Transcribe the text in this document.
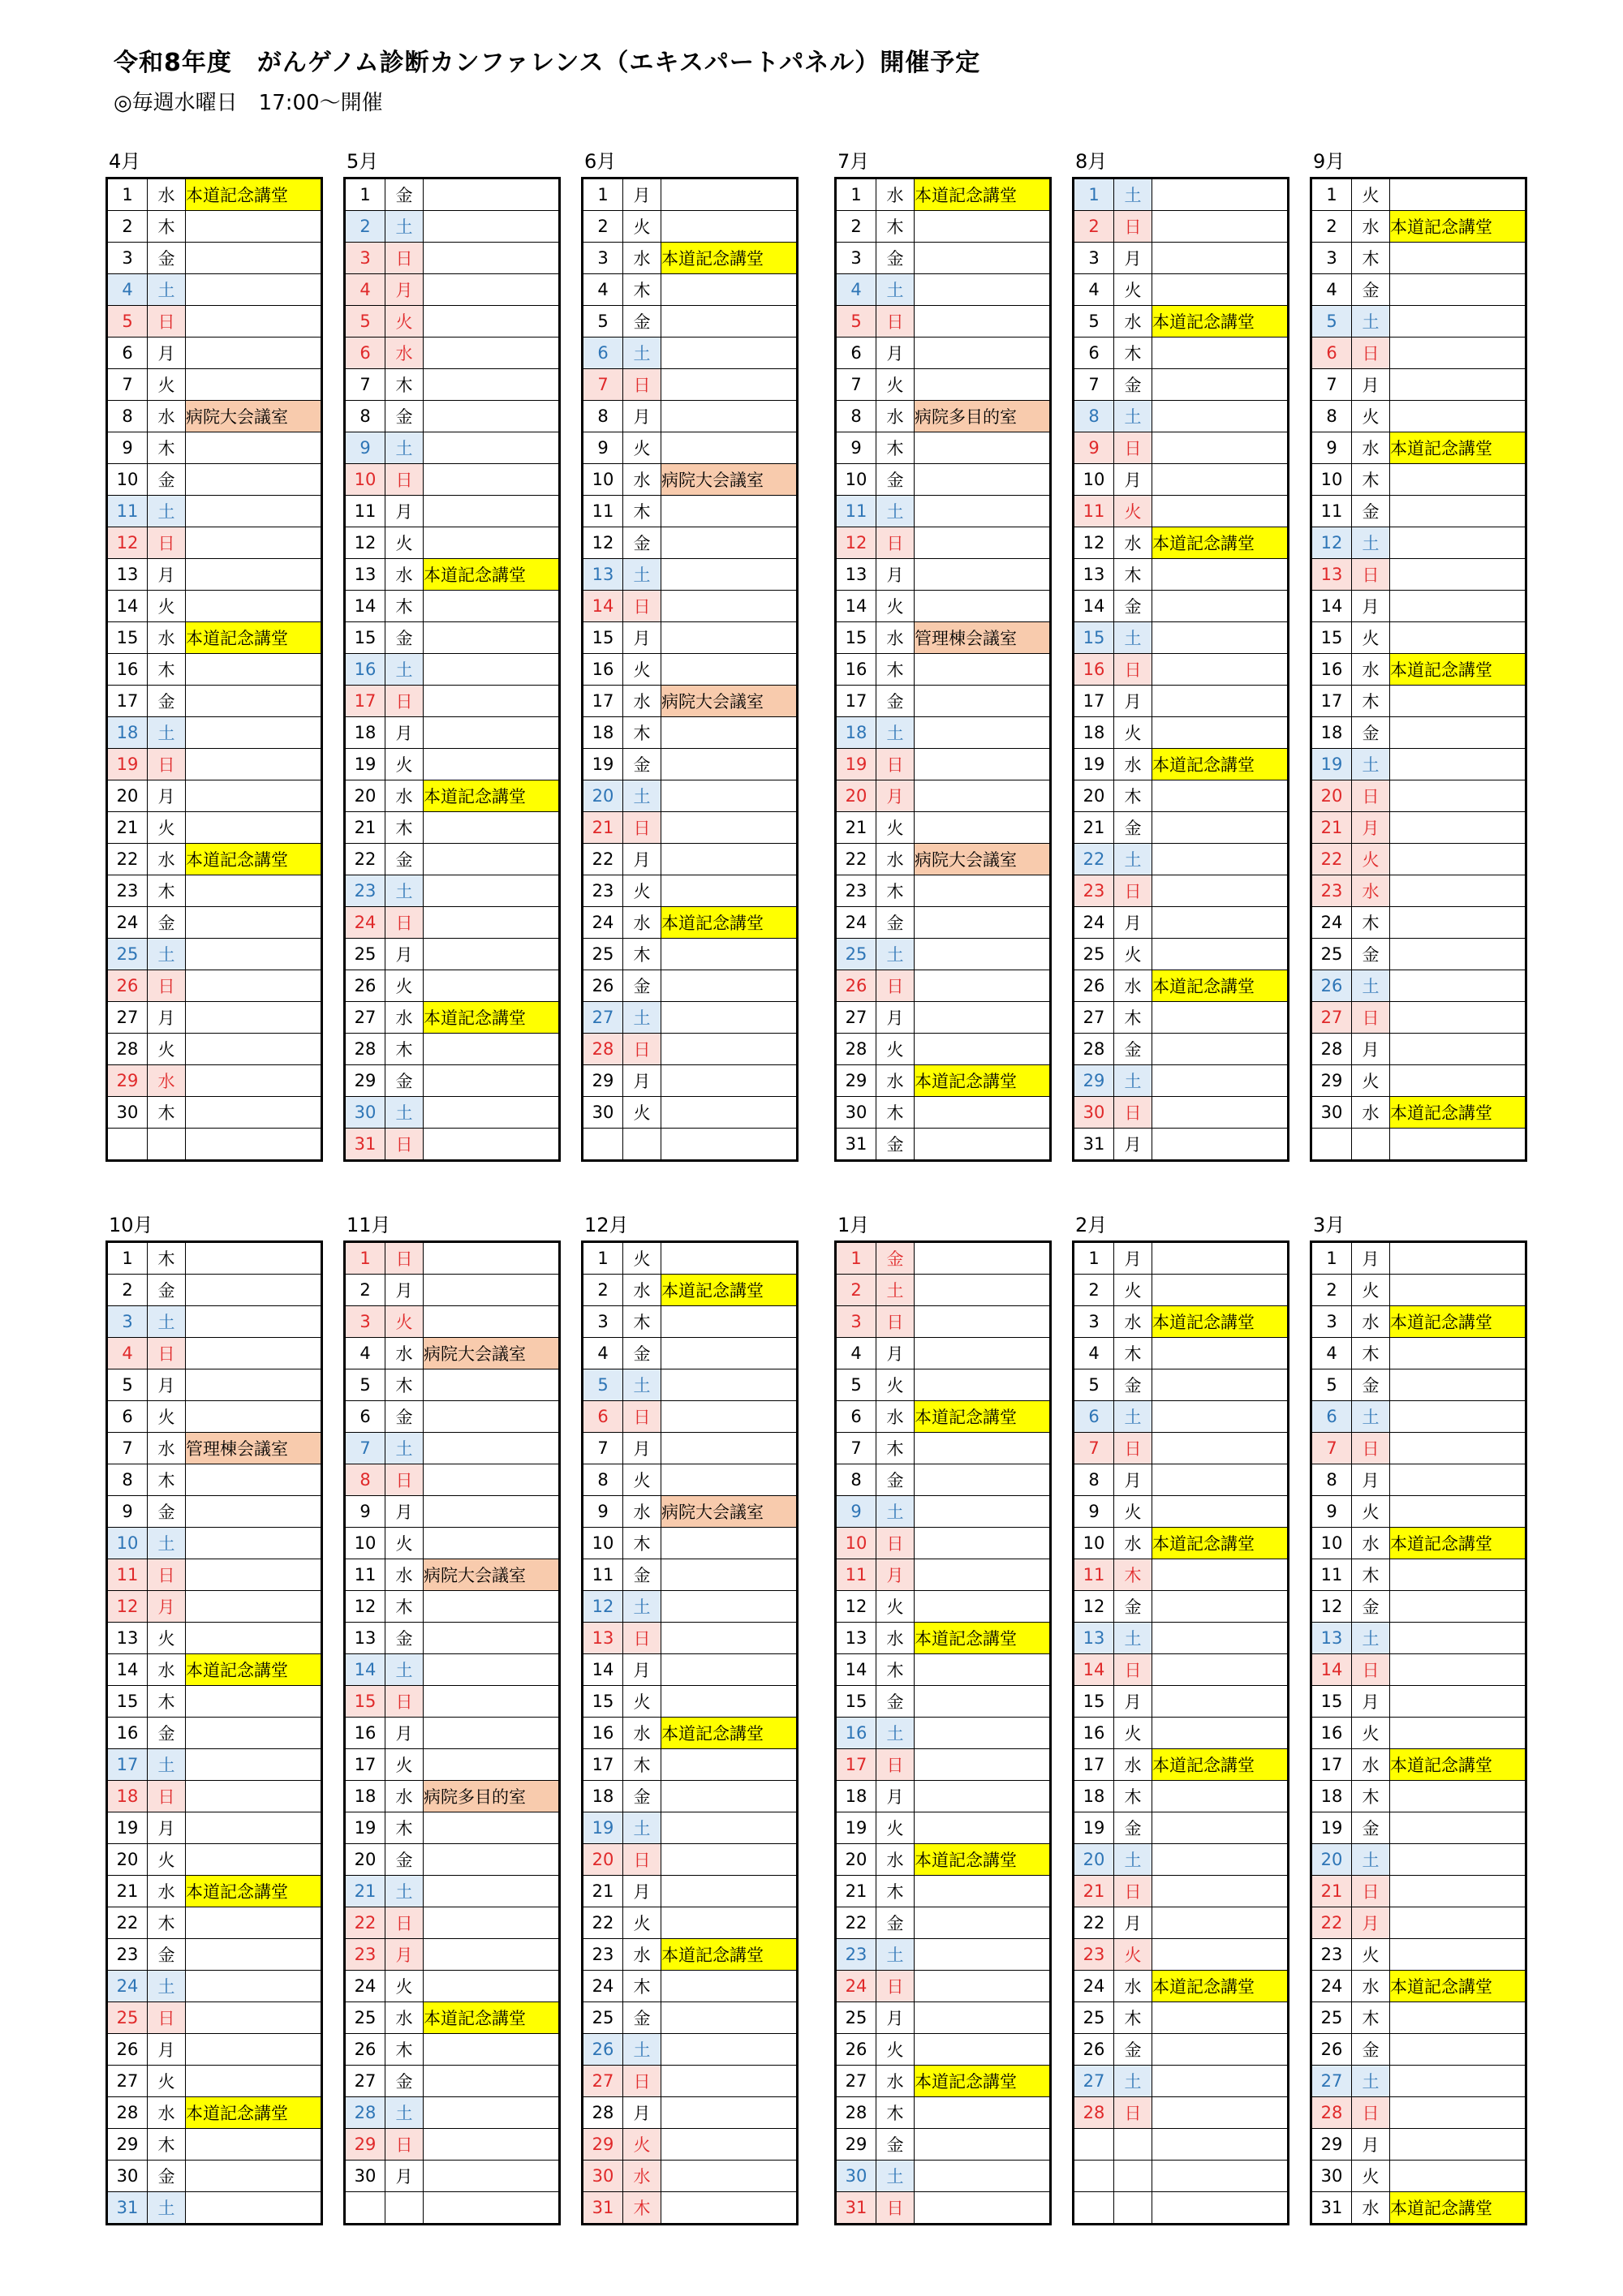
令和8年度　がんゲノム診断カンファレンス（エキスパートパネル）開催予定
◎毎週水曜日　17:00～開催
4月
1	水	本道記念講堂
2	木	
3	金	
4	土	
5	日	
6	月	
7	火	
8	水	病院大会議室
9	木	
10	金	
11	土	
12	日	
13	月	
14	火	
15	水	本道記念講堂
16	木	
17	金	
18	土	
19	日	
20	月	
21	火	
22	水	本道記念講堂
23	木	
24	金	
25	土	
26	日	
27	月	
28	火	
29	水	
30	木	

5月
1	金	
2	土	
3	日	
4	月	
5	火	
6	水	
7	木	
8	金	
9	土	
10	日	
11	月	
12	火	
13	水	本道記念講堂
14	木	
15	金	
16	土	
17	日	
18	月	
19	火	
20	水	本道記念講堂
21	木	
22	金	
23	土	
24	日	
25	月	
26	火	
27	水	本道記念講堂
28	木	
29	金	
30	土	
31	日	
6月
1	月	
2	火	
3	水	本道記念講堂
4	木	
5	金	
6	土	
7	日	
8	月	
9	火	
10	水	病院大会議室
11	木	
12	金	
13	土	
14	日	
15	月	
16	火	
17	水	病院大会議室
18	木	
19	金	
20	土	
21	日	
22	月	
23	火	
24	水	本道記念講堂
25	木	
26	金	
27	土	
28	日	
29	月	
30	火	

7月
1	水	本道記念講堂
2	木	
3	金	
4	土	
5	日	
6	月	
7	火	
8	水	病院多目的室
9	木	
10	金	
11	土	
12	日	
13	月	
14	火	
15	水	管理棟会議室
16	木	
17	金	
18	土	
19	日	
20	月	
21	火	
22	水	病院大会議室
23	木	
24	金	
25	土	
26	日	
27	月	
28	火	
29	水	本道記念講堂
30	木	
31	金	
8月
1	土	
2	日	
3	月	
4	火	
5	水	本道記念講堂
6	木	
7	金	
8	土	
9	日	
10	月	
11	火	
12	水	本道記念講堂
13	木	
14	金	
15	土	
16	日	
17	月	
18	火	
19	水	本道記念講堂
20	木	
21	金	
22	土	
23	日	
24	月	
25	火	
26	水	本道記念講堂
27	木	
28	金	
29	土	
30	日	
31	月	
9月
1	火	
2	水	本道記念講堂
3	木	
4	金	
5	土	
6	日	
7	月	
8	火	
9	水	本道記念講堂
10	木	
11	金	
12	土	
13	日	
14	月	
15	火	
16	水	本道記念講堂
17	木	
18	金	
19	土	
20	日	
21	月	
22	火	
23	水	
24	木	
25	金	
26	土	
27	日	
28	月	
29	火	
30	水	本道記念講堂

10月
1	木	
2	金	
3	土	
4	日	
5	月	
6	火	
7	水	管理棟会議室
8	木	
9	金	
10	土	
11	日	
12	月	
13	火	
14	水	本道記念講堂
15	木	
16	金	
17	土	
18	日	
19	月	
20	火	
21	水	本道記念講堂
22	木	
23	金	
24	土	
25	日	
26	月	
27	火	
28	水	本道記念講堂
29	木	
30	金	
31	土	
11月
1	日	
2	月	
3	火	
4	水	病院大会議室
5	木	
6	金	
7	土	
8	日	
9	月	
10	火	
11	水	病院大会議室
12	木	
13	金	
14	土	
15	日	
16	月	
17	火	
18	水	病院多目的室
19	木	
20	金	
21	土	
22	日	
23	月	
24	火	
25	水	本道記念講堂
26	木	
27	金	
28	土	
29	日	
30	月	

12月
1	火	
2	水	本道記念講堂
3	木	
4	金	
5	土	
6	日	
7	月	
8	火	
9	水	病院大会議室
10	木	
11	金	
12	土	
13	日	
14	月	
15	火	
16	水	本道記念講堂
17	木	
18	金	
19	土	
20	日	
21	月	
22	火	
23	水	本道記念講堂
24	木	
25	金	
26	土	
27	日	
28	月	
29	火	
30	水	
31	木	
1月
1	金	
2	土	
3	日	
4	月	
5	火	
6	水	本道記念講堂
7	木	
8	金	
9	土	
10	日	
11	月	
12	火	
13	水	本道記念講堂
14	木	
15	金	
16	土	
17	日	
18	月	
19	火	
20	水	本道記念講堂
21	木	
22	金	
23	土	
24	日	
25	月	
26	火	
27	水	本道記念講堂
28	木	
29	金	
30	土	
31	日	
2月
1	月	
2	火	
3	水	本道記念講堂
4	木	
5	金	
6	土	
7	日	
8	月	
9	火	
10	水	本道記念講堂
11	木	
12	金	
13	土	
14	日	
15	月	
16	火	
17	水	本道記念講堂
18	木	
19	金	
20	土	
21	日	
22	月	
23	火	
24	水	本道記念講堂
25	木	
26	金	
27	土	
28	日	

3月
1	月	
2	火	
3	水	本道記念講堂
4	木	
5	金	
6	土	
7	日	
8	月	
9	火	
10	水	本道記念講堂
11	木	
12	金	
13	土	
14	日	
15	月	
16	火	
17	水	本道記念講堂
18	木	
19	金	
20	土	
21	日	
22	月	
23	火	
24	水	本道記念講堂
25	木	
26	金	
27	土	
28	日	
29	月	
30	火	
31	水	本道記念講堂
